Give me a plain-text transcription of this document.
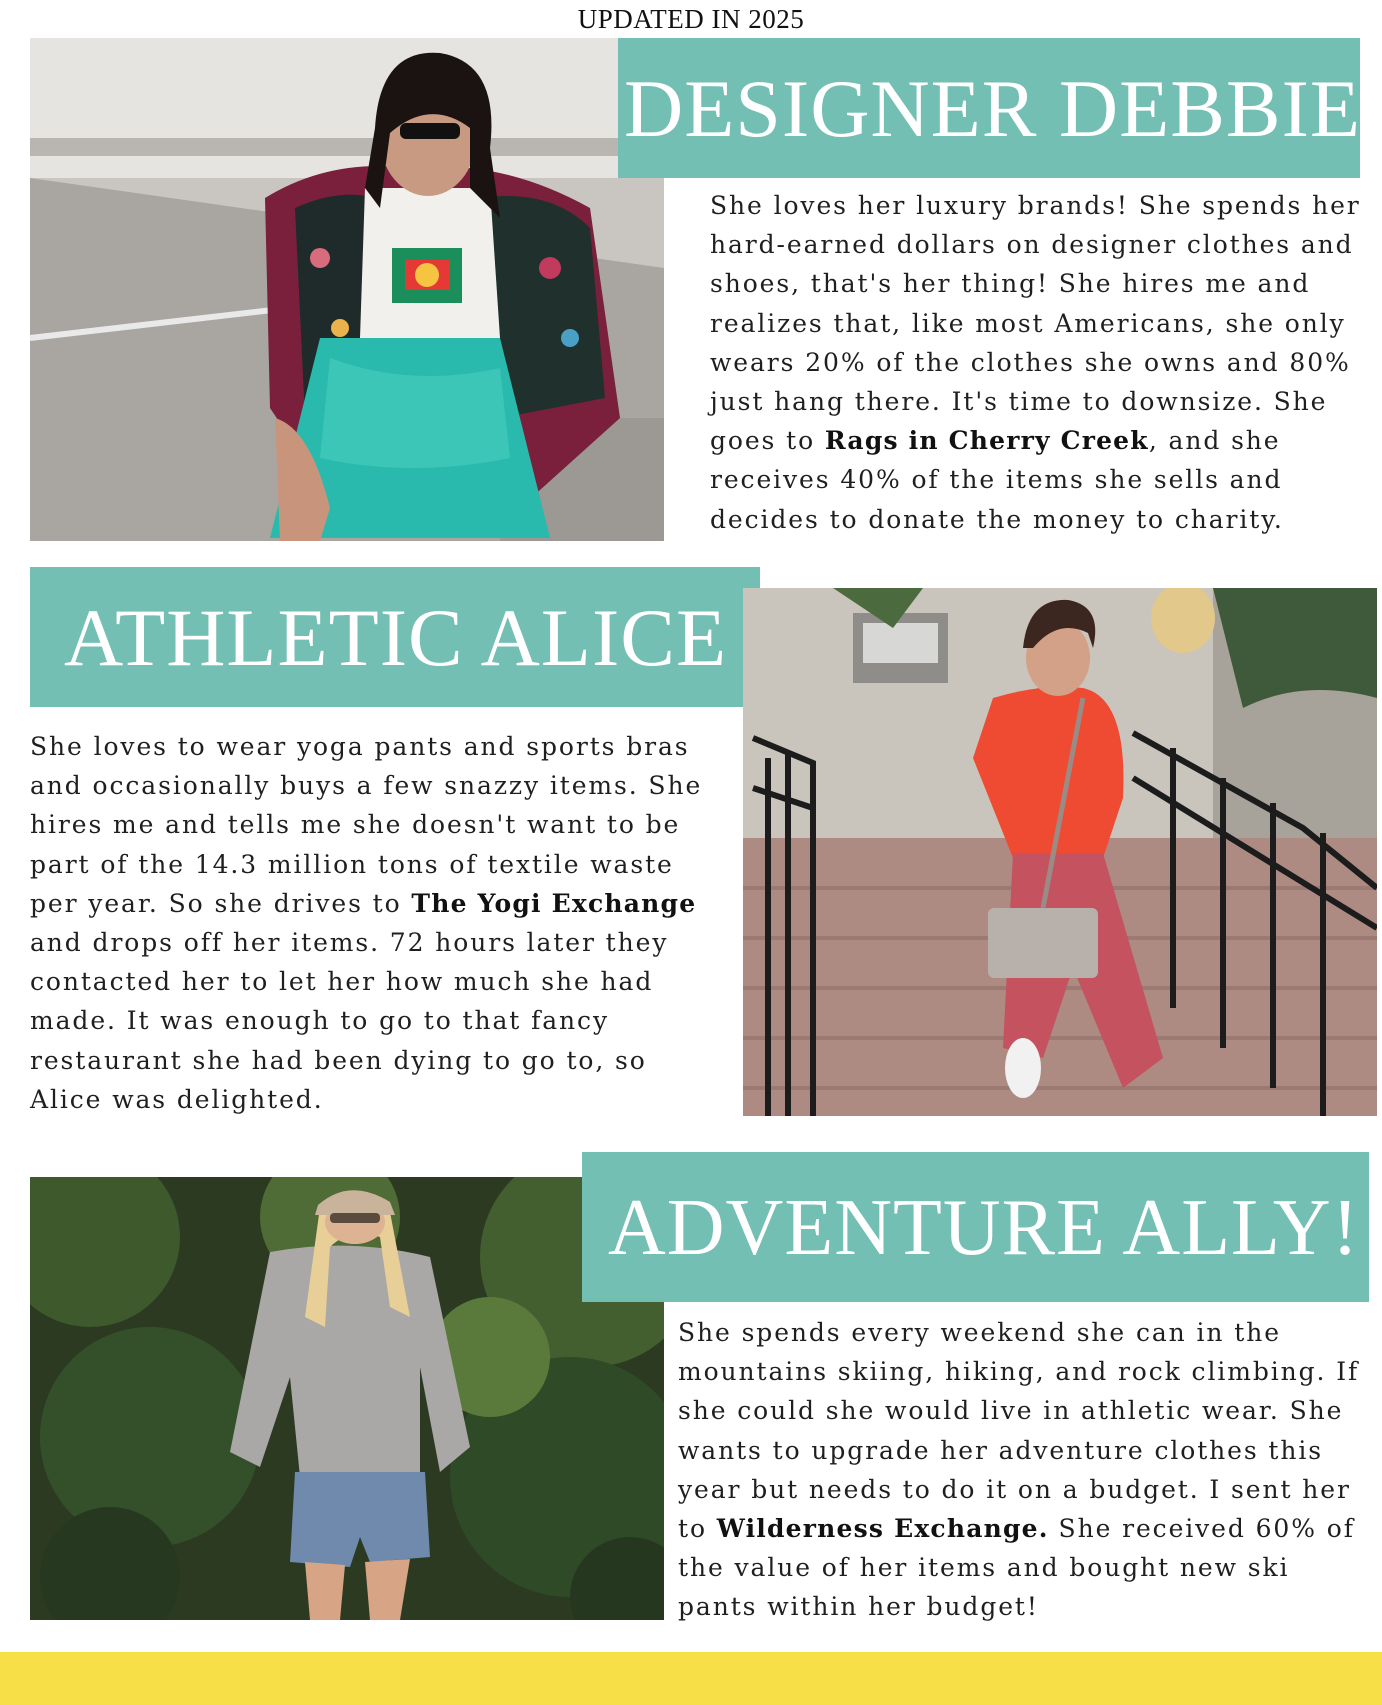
UPDATED IN 2025
DESIGNER DEBBIE
She loves her luxury brands! She spends her hard-earned dollars on designer clothes and shoes, that's her thing! She hires me and realizes that, like most Americans, she only wears 20% of the clothes she owns and 80% just hang there. It's time to downsize. She goes to Rags in Cherry Creek, and she receives 40% of the items she sells and decides to donate the money to charity.
ATHLETIC ALICE
She loves to wear yoga pants and sports bras and occasionally buys a few snazzy items. She hires me and tells me she doesn't want to be part of the 14.3 million tons of textile waste per year. So she drives to The Yogi Exchange and drops off her items. 72 hours later they contacted her to let her how much she had made. It was enough to go to that fancy restaurant she had been dying to go to, so Alice was delighted.
ADVENTURE ALLY!
She spends every weekend she can in the mountains skiing, hiking, and rock climbing. If she could she would live in athletic wear. She wants to upgrade her adventure clothes this year but needs to do it on a budget. I sent her to Wilderness Exchange. She received 60% of the value of her items and bought new ski pants within her budget!
